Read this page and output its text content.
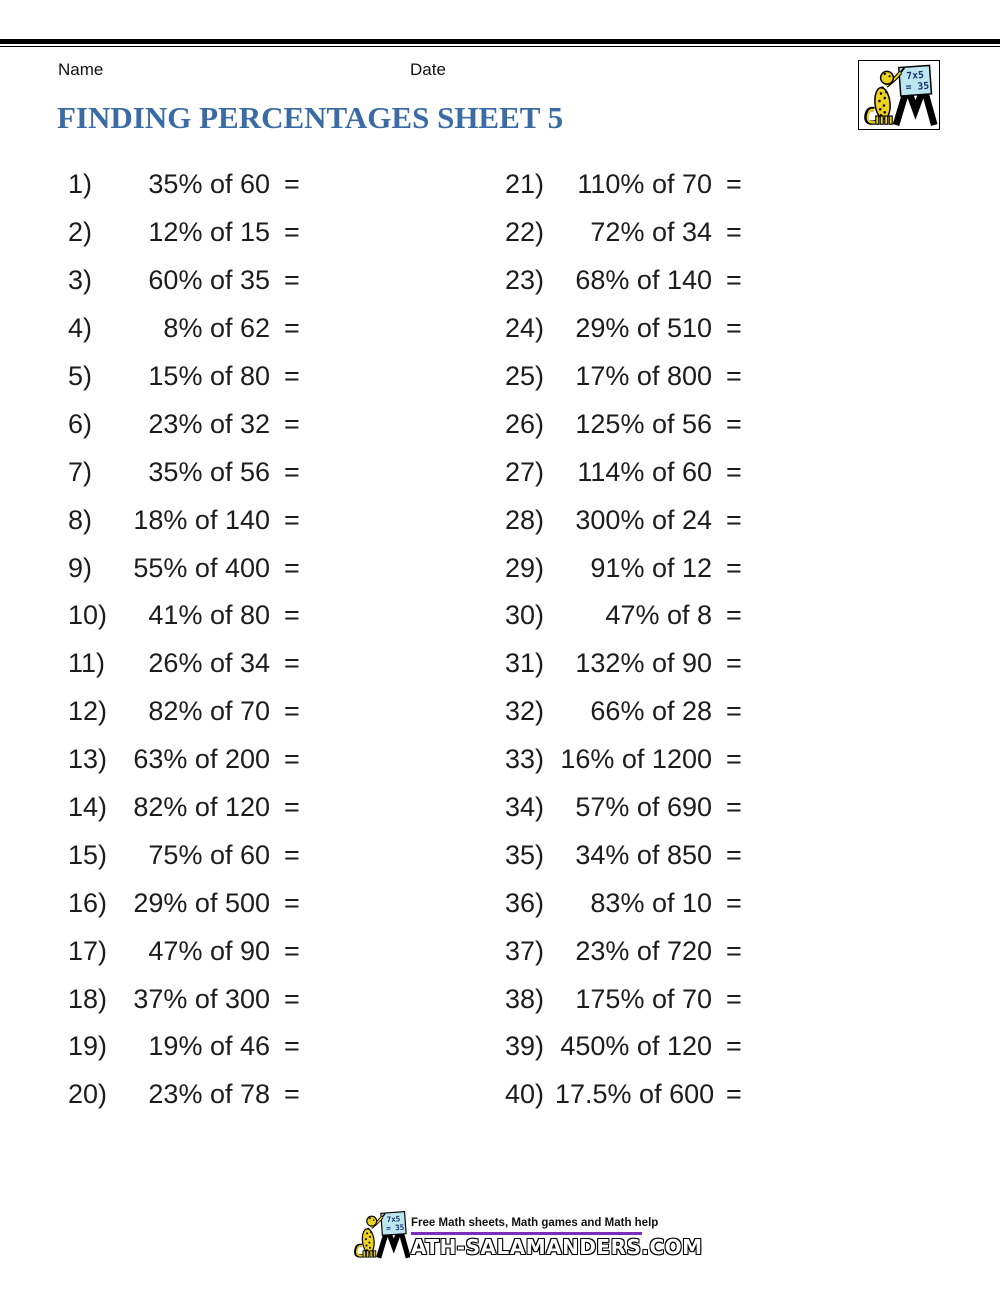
Name	Date	7x5
= 35
FINDING PERCENTAGES SHEET 5
1)	35% of 60 =
2)	12% of 15 =
3)	60% of 35 =
4)	8% of 62 =
5)	15% of 80 =
6)	23% of 32 =
7)	35% of 56 =
8)	18% of 140 =
9)	55% of 400 =
10)	41% of 80 =
11)	26% of 34 =
12)	82% of 70 =
13) 63% of 200 =
14) 82% of 120 =
15)	75% of 60 =
16) 29% of 500 =
17)	47% of 90 =
18) 37% of 300 =
19)	19% of 46 =
20)	23% of 78 =
21)	110% of 70 =
22)	72% of 34 =
23)	68% of 140 =
24)	29% of 510 =
25)	17% of 800 =
26)	125% of 56 =
27)	114% of 60 =
28)	300% of 24 =
29)	91% of 12 =
30)	47% of 8 =
31)	132% of 90 =
32)	66% of 28 =
33) 16% of 1200 =
34)	57% of 690 =
35)	34% of 850 =
36)	83% of 10 =
37)	23% of 720 =
38)	175% of 70 =
39) 450% of 120 =
40) 17.5% of 600 =
7x5
= 35 Free Math sheets, Math games and Math help
ATH-SALAMANDERS.COM
